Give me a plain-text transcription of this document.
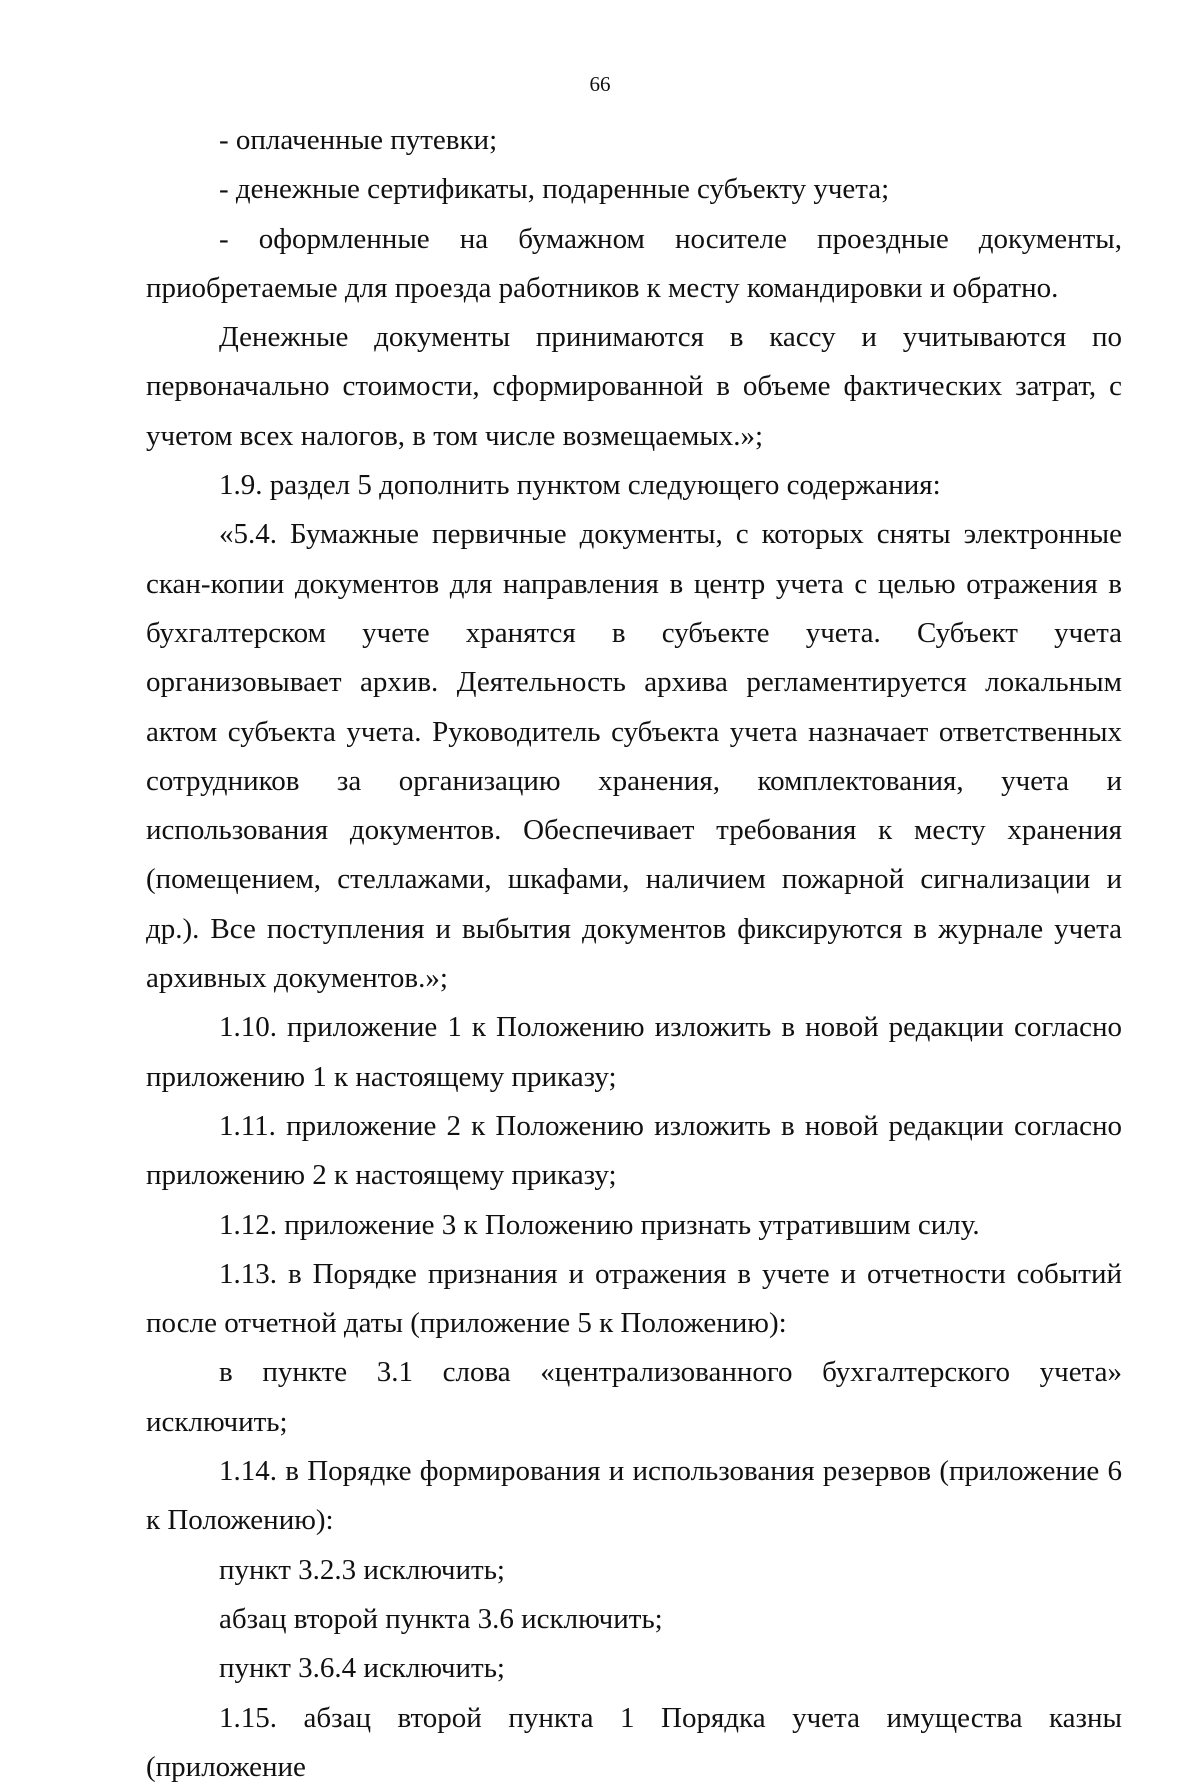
66

- оплаченные путевки;

- денежные сертификаты, подаренные субъекту учета;

- оформленные на бумажном носителе проездные документы, приобретаемые для проезда работников к месту командировки и обратно.

Денежные документы принимаются в кассу и учитываются по первоначально стоимости, сформированной в объеме фактических затрат, с учетом всех налогов, в том числе возмещаемых.»;

1.9. раздел 5 дополнить пунктом следующего содержания:

«5.4. Бумажные первичные документы, с которых сняты электронные скан-копии документов для направления в центр учета с целью отражения в бухгалтерском учете хранятся в субъекте учета. Субъект учета организовывает архив. Деятельность архива регламентируется локальным актом субъекта учета. Руководитель субъекта учета назначает ответственных сотрудников за организацию хранения, комплектования, учета и использования документов. Обеспечивает требования к месту хранения (помещением, стеллажами, шкафами, наличием пожарной сигнализации и др.). Все поступления и выбытия документов фиксируются в журнале учета архивных документов.»;

1.10. приложение 1 к Положению изложить в новой редакции согласно приложению 1 к настоящему приказу;

1.11. приложение 2 к Положению изложить в новой редакции согласно приложению 2 к настоящему приказу;

1.12. приложение 3 к Положению признать утратившим силу.

1.13. в Порядке признания и отражения в учете и отчетности событий после отчетной даты (приложение 5 к Положению):

в пункте 3.1 слова «централизованного бухгалтерского учета» исключить;

1.14. в Порядке формирования и использования резервов (приложение 6 к Положению):

пункт 3.2.3 исключить;

абзац второй пункта 3.6 исключить;

пункт 3.6.4 исключить;

1.15. абзац второй пункта 1 Порядка учета имущества казны (приложение
